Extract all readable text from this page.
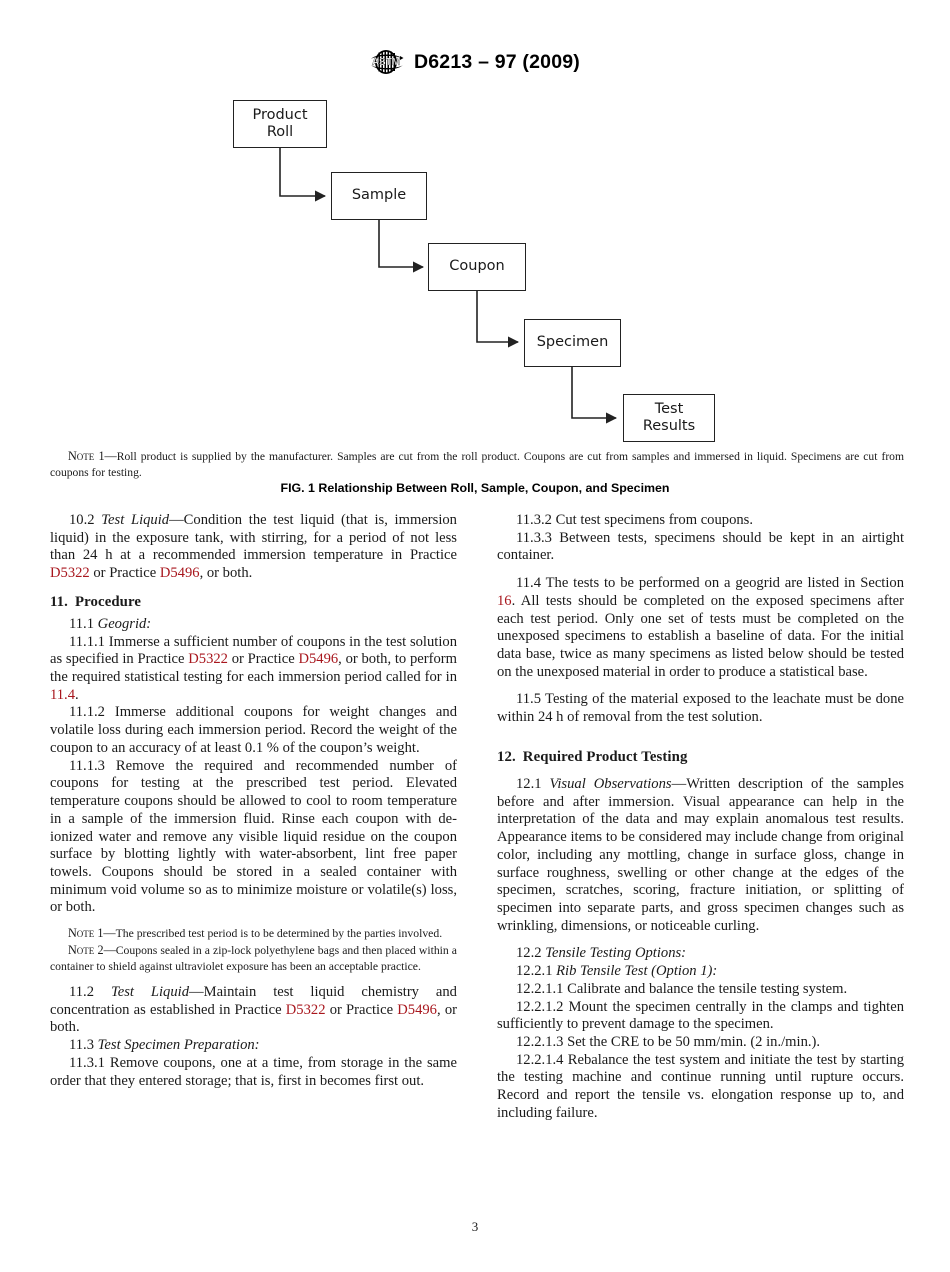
ASTM D6213 – 97 (2009)
Product
Roll
Sample
Coupon
Specimen
Test
Results
Note 1—Roll product is supplied by the manufacturer. Samples are cut from the roll product. Coupons are cut from samples and immersed in liquid. Specimens are cut from coupons for testing.
FIG. 1 Relationship Between Roll, Sample, Coupon, and Specimen

10.2 Test Liquid—Condition the test liquid (that is, immersion liquid) in the exposure tank, with stirring, for a period of not less than 24 h at a recommended immersion temperature in Practice D5322 or Practice D5496, or both.

11. Procedure

11.1 Geogrid:

11.1.1 Immerse a sufficient number of coupons in the test solution as specified in Practice D5322 or Practice D5496, or both, to perform the required statistical testing for each immersion period called for in 11.4.

11.1.2 Immerse additional coupons for weight changes and volatile loss during each immersion period. Record the weight of the coupon to an accuracy of at least 0.1 % of the coupon’s weight.

11.1.3 Remove the required and recommended number of coupons for testing at the prescribed test period. Elevated temperature coupons should be allowed to cool to room temperature in a sample of the immersion fluid. Rinse each coupon with de-ionized water and remove any visible liquid residue on the coupon surface by blotting lightly with water-absorbent, lint free paper towels. Coupons should be stored in a sealed container with minimum void volume so as to minimize moisture or volatile(s) loss, or both.

Note 1—The prescribed test period is to be determined by the parties involved.

Note 2—Coupons sealed in a zip-lock polyethylene bags and then placed within a container to shield against ultraviolet exposure has been an acceptable practice.

11.2 Test Liquid—Maintain test liquid chemistry and concentration as established in Practice D5322 or Practice D5496, or both.

11.3 Test Specimen Preparation:

11.3.1 Remove coupons, one at a time, from storage in the same order that they entered storage; that is, first in becomes first out.

11.3.2 Cut test specimens from coupons.

11.3.3 Between tests, specimens should be kept in an airtight container.

11.4 The tests to be performed on a geogrid are listed in Section 16. All tests should be completed on the exposed specimens after each test period. Only one set of tests must be completed on the unexposed specimens to establish a baseline of data. For the initial data base, twice as many specimens as listed below should be tested on the unexposed material in order to produce a statistical base.

11.5 Testing of the material exposed to the leachate must be done within 24 h of removal from the test solution.

12. Required Product Testing

12.1 Visual Observations—Written description of the samples before and after immersion. Visual appearance can help in the interpretation of the data and may explain anomalous test results. Appearance items to be considered may include change from original color, including any mottling, change in surface gloss, change in surface roughness, swelling or other change at the edges of the specimen, scratches, scoring, fracture initiation, or splitting of specimen into separate parts, and gross specimen changes such as wrinkling, dimensions, or noticeable curling.

12.2 Tensile Testing Options:

12.2.1 Rib Tensile Test (Option 1):

12.2.1.1 Calibrate and balance the tensile testing system.

12.2.1.2 Mount the specimen centrally in the clamps and tighten sufficiently to prevent damage to the specimen.

12.2.1.3 Set the CRE to be 50 mm/min. (2 in./min.).

12.2.1.4 Rebalance the test system and initiate the test by starting the testing machine and continue running until rupture occurs. Record and report the tensile vs. elongation response up to, and including failure.

3
